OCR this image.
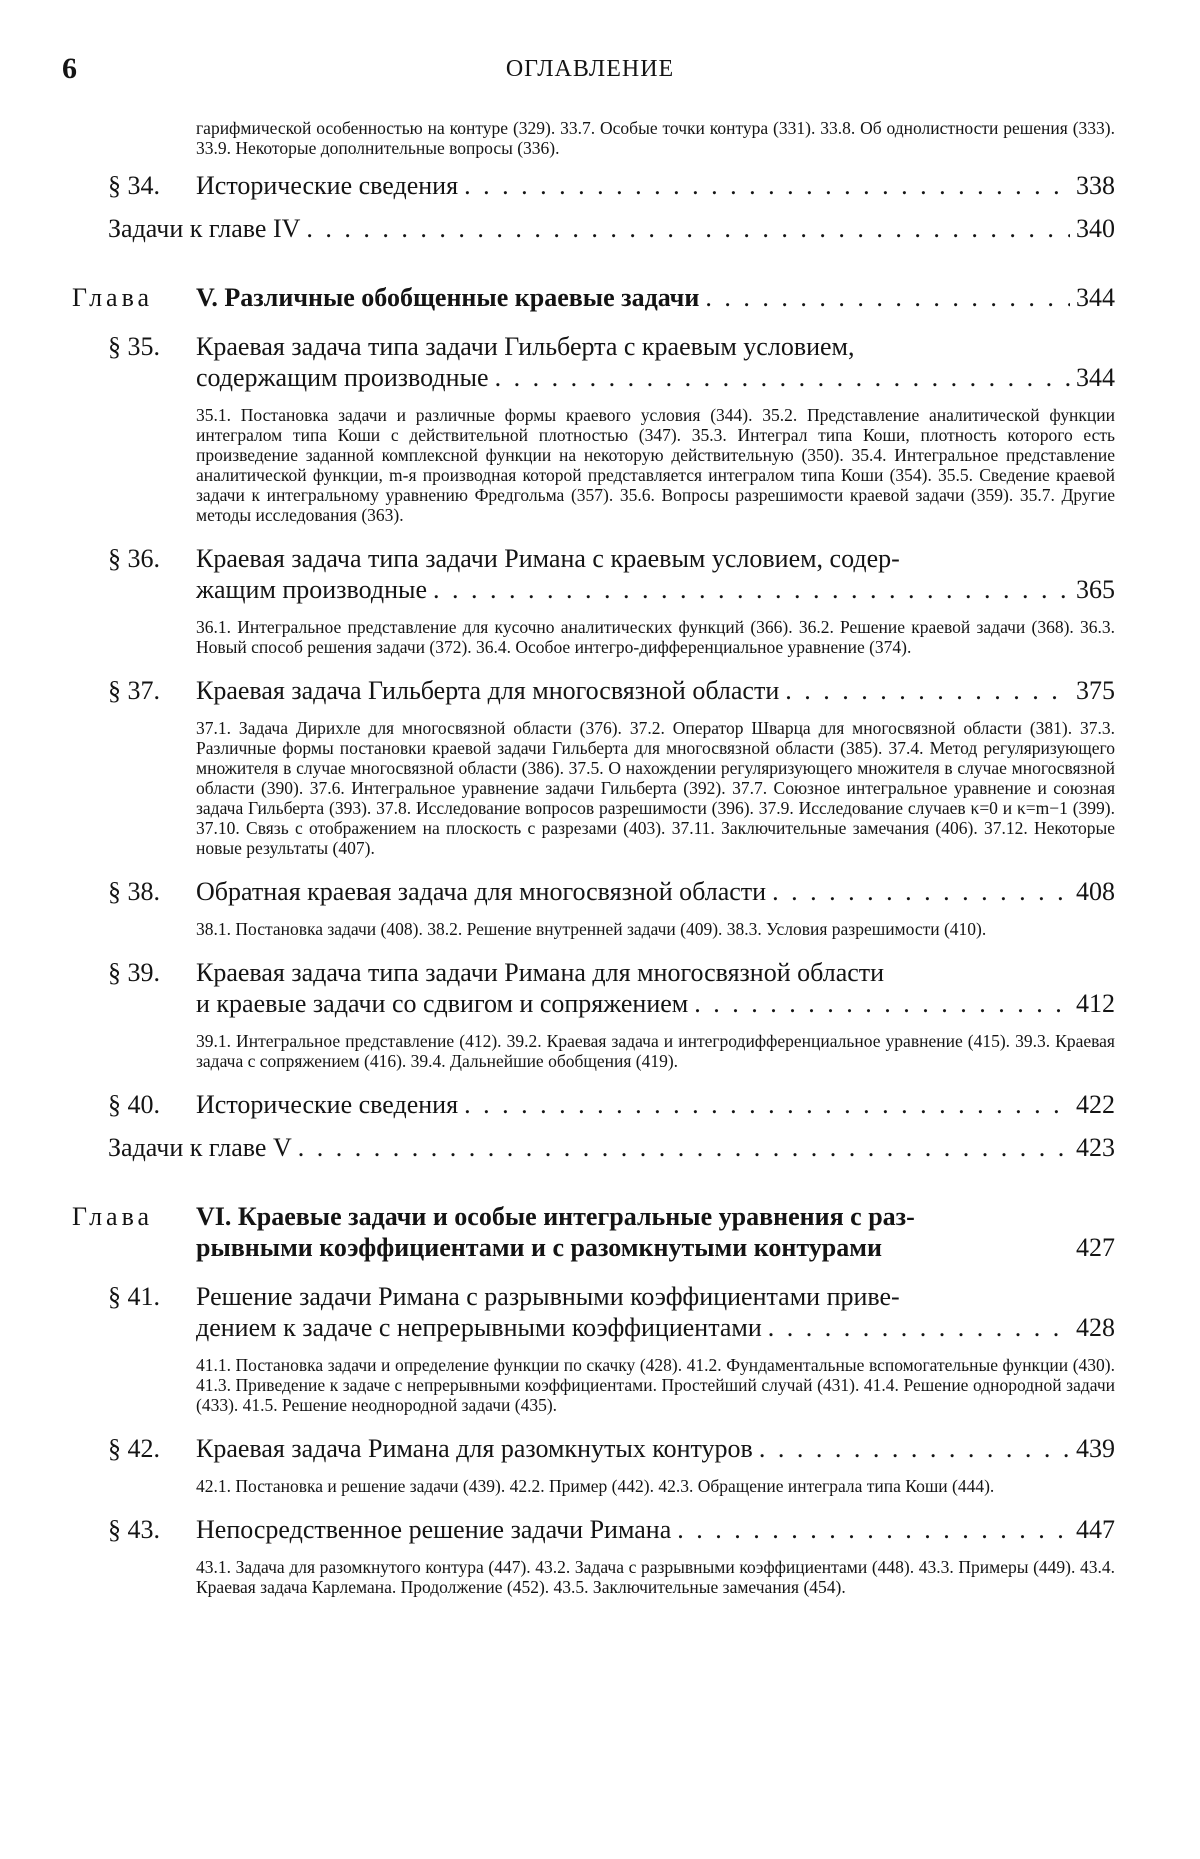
6	ОГЛАВЛЕНИЕ
гарифмической особенностью на контуре (329). 33.7. Особые точки контура (331). 33.8. Об однолистности решения (333). 33.9. Некоторые дополнительные вопросы (336).
§ 34. Исторические сведения . . .	338
Задачи к главе IV . . .	340
Глава V. Различные обобщенные краевые задачи . . .	344
§ 35. Краевая задача типа задачи Гильберта с краевым условием,
содержащим производные . . .	344
35.1. Постановка задачи и различные формы краевого условия (344). 35.2. Представление аналитической функции интегралом типа Коши с действительной плотностью (347). 35.3. Интеграл типа Коши, плотность которого есть произведение заданной комплексной функции на некоторую действительную (350). 35.4. Интегральное представление аналитической функции, m-я производная которой представляется интегралом типа Коши (354). 35.5. Сведение краевой задачи к интегральному уравнению Фредгольма (357). 35.6. Вопросы разрешимости краевой задачи (359). 35.7. Другие методы исследования (363).
§ 36. Краевая задача типа задачи Римана с краевым условием, содер-
жащим производные . . .	365
36.1. Интегральное представление для кусочно аналитических функций (366). 36.2. Решение краевой задачи (368). 36.3. Новый способ решения задачи (372). 36.4. Особое интегро-дифференциальное уравнение (374).
§ 37. Краевая задача Гильберта для многосвязной области . . .	375
37.1. Задача Дирихле для многосвязной области (376). 37.2. Оператор Шварца для многосвязной области (381). 37.3. Различные формы постановки краевой задачи Гильберта для многосвязной области (385). 37.4. Метод регуляризующего множителя в случае многосвязной области (386). 37.5. О нахождении регуляризующего множителя в случае многосвязной области (390). 37.6. Интегральное уравнение задачи Гильберта (392). 37.7. Союзное интегральное уравнение и союзная задача Гильберта (393). 37.8. Исследование вопросов разрешимости (396). 37.9. Исследование случаев κ=0 и κ=m−1 (399). 37.10. Связь с отображением на плоскость с разрезами (403). 37.11. Заключительные замечания (406). 37.12. Некоторые новые результаты (407).
§ 38. Обратная краевая задача для многосвязной области . . .	408
38.1. Постановка задачи (408). 38.2. Решение внутренней задачи (409). 38.3. Условия разрешимости (410).
§ 39. Краевая задача типа задачи Римана для многосвязной области
и краевые задачи со сдвигом и сопряжением . . .	412
39.1. Интегральное представление (412). 39.2. Краевая задача и интегродифференциальное уравнение (415). 39.3. Краевая задача с сопряжением (416). 39.4. Дальнейшие обобщения (419).
§ 40. Исторические сведения . . .	422
Задачи к главе V . . .	423
Глава VI. Краевые задачи и особые интегральные уравнения с раз-
рывными коэффициентами и с разомкнутыми контурами	427
§ 41. Решение задачи Римана с разрывными коэффициентами приве-
дением к задаче с непрерывными коэффициентами . . .	428
41.1. Постановка задачи и определение функции по скачку (428). 41.2. Фундаментальные вспомогательные функции (430). 41.3. Приведение к задаче с непрерывными коэффициентами. Простейший случай (431). 41.4. Решение однородной задачи (433). 41.5. Решение неоднородной задачи (435).
§ 42. Краевая задача Римана для разомкнутых контуров . . .	439
42.1. Постановка и решение задачи (439). 42.2. Пример (442). 42.3. Обращение интеграла типа Коши (444).
§ 43. Непосредственное решение задачи Римана . . .	447
43.1. Задача для разомкнутого контура (447). 43.2. Задача с разрывными коэффициентами (448). 43.3. Примеры (449). 43.4. Краевая задача Карлемана. Продолжение (452). 43.5. Заключительные замечания (454).
